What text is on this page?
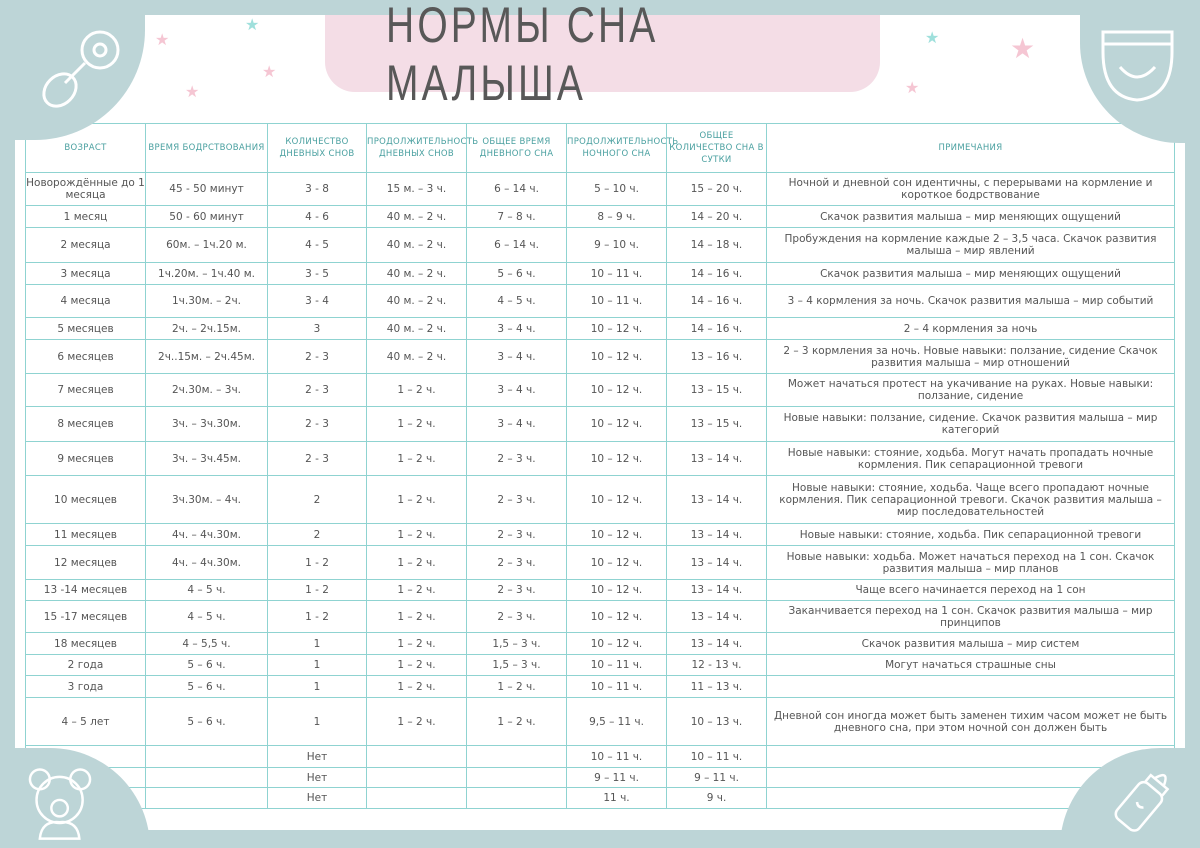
НОРМЫ СНА МАЛЫША
★
★
★
★
★	★
★
ВОЗРАСТ	ВРЕМЯ БОДРСТВОВАНИЯ	КОЛИЧЕСТВО ДНЕВНЫХ СНОВ	ПРОДОЛЖИТЕЛЬНОСТЬ ДНЕВНЫХ СНОВ	ОБЩЕЕ ВРЕМЯ ДНЕВНОГО СНА	ПРОДОЛЖИТЕЛЬНОСТЬ НОЧНОГО СНА	ОБЩЕЕ КОЛИЧЕСТВО СНА В СУТКИ	ПРИМЕЧАНИЯ
Новорождённые до 1 месяца	45 - 50 минут	3 - 8	15 м. – 3 ч.	6 – 14 ч.	5 – 10 ч.	15 – 20 ч.	Ночной и дневной сон идентичны, с перерывами на кормление и короткое бодрствование
1 месяц	50 - 60 минут	4 - 6	40 м. – 2 ч.	7 – 8 ч.	8 – 9 ч.	14 – 20 ч.	Скачок развития малыша – мир меняющих ощущений
2 месяца	60м. – 1ч.20 м.	4 - 5	40 м. – 2 ч.	6 – 14 ч.	9 – 10 ч.	14 – 18 ч.	Пробуждения на кормление каждые 2 – 3,5 часа. Скачок развития малыша – мир явлений
3 месяца	1ч.20м. – 1ч.40 м.	3 - 5	40 м. – 2 ч.	5 – 6 ч.	10 – 11 ч.	14 – 16 ч.	Скачок развития малыша – мир меняющих ощущений
4 месяца	1ч.30м. – 2ч.	3 - 4	40 м. – 2 ч.	4 – 5 ч.	10 – 11 ч.	14 – 16 ч.	3 – 4 кормления за ночь. Скачок развития малыша – мир событий
5 месяцев	2ч. – 2ч.15м.	3	40 м. – 2 ч.	3 – 4 ч.	10 – 12 ч.	14 – 16 ч.	2 – 4 кормления за ночь
6 месяцев	2ч..15м. – 2ч.45м.	2 - 3	40 м. – 2 ч.	3 – 4 ч.	10 – 12 ч.	13 – 16 ч.	2 – 3 кормления за ночь. Новые навыки: ползание, сидение Скачок развития малыша – мир отношений
7 месяцев	2ч.30м. – 3ч.	2 - 3	1 – 2 ч.	3 – 4 ч.	10 – 12 ч.	13 – 15 ч.	Может начаться протест на укачивание на руках. Новые навыки: ползание, сидение
8 месяцев	3ч. – 3ч.30м.	2 - 3	1 – 2 ч.	3 – 4 ч.	10 – 12 ч.	13 – 15 ч.	Новые навыки: ползание, сидение. Скачок развития малыша – мир категорий
9 месяцев	3ч. – 3ч.45м.	2 - 3	1 – 2 ч.	2 – 3 ч.	10 – 12 ч.	13 – 14 ч.	Новые навыки: стояние, ходьба. Могут начать пропадать ночные кормления. Пик сепарационной тревоги
10 месяцев	3ч.30м. – 4ч.	2	1 – 2 ч.	2 – 3 ч.	10 – 12 ч.	13 – 14 ч.	Новые навыки: стояние, ходьба. Чаще всего пропадают ночные кормления. Пик сепарационной тревоги. Скачок развития малыша – мир последовательностей
11 месяцев	4ч. – 4ч.30м.	2	1 – 2 ч.	2 – 3 ч.	10 – 12 ч.	13 – 14 ч.	Новые навыки: стояние, ходьба. Пик сепарационной тревоги
12 месяцев	4ч. – 4ч.30м.	1 - 2	1 – 2 ч.	2 – 3 ч.	10 – 12 ч.	13 – 14 ч.	Новые навыки: ходьба. Может начаться переход на 1 сон. Скачок развития малыша – мир планов
13 -14 месяцев	4 – 5 ч.	1 - 2	1 – 2 ч.	2 – 3 ч.	10 – 12 ч.	13 – 14 ч.	Чаще всего начинается переход на 1 сон
15 -17 месяцев	4 – 5 ч.	1 - 2	1 – 2 ч.	2 – 3 ч.	10 – 12 ч.	13 – 14 ч.	Заканчивается переход на 1 сон. Скачок развития малыша – мир принципов
18 месяцев	4 – 5,5 ч.	1	1 – 2 ч.	1,5 – 3 ч.	10 – 12 ч.	13 – 14 ч.	Скачок развития малыша – мир систем
2 года	5 – 6 ч.	1	1 – 2 ч.	1,5 – 3 ч.	10 – 11 ч.	12 - 13 ч.	Могут начаться страшные сны
3 года	5 – 6 ч.	1	1 – 2 ч.	1 – 2 ч.	10 – 11 ч.	11 – 13 ч.	
4 – 5 лет	5 – 6 ч.	1	1 – 2 ч.	1 – 2 ч.	9,5 – 11 ч.	10 – 13 ч.	Дневной сон иногда может быть заменен тихим часом может не быть дневного сна, при этом ночной сон должен быть
		Нет			10 – 11 ч.	10 – 11 ч.	
		Нет			9 – 11 ч.	9 – 11 ч.	
		Нет			11 ч.	9 ч.	
